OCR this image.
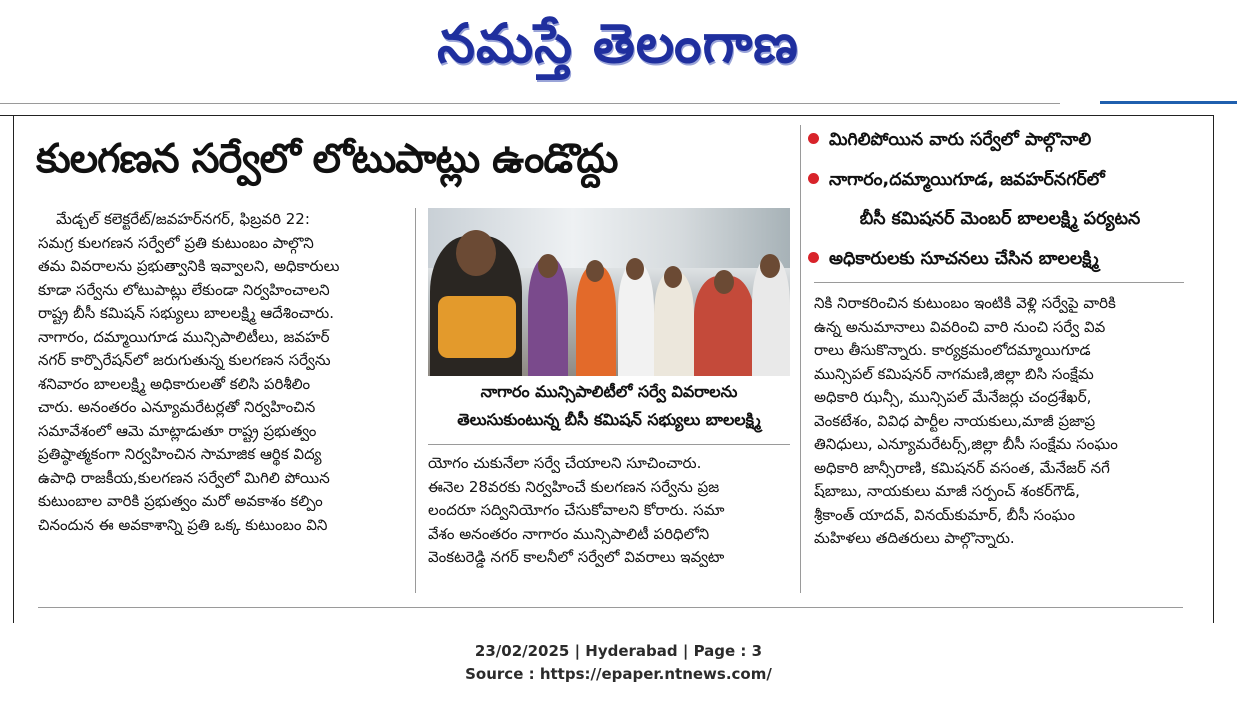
నమస్తే తెలంగాణ
కులగణన సర్వేలో లోటుపాట్లు ఉండొద్దు	మిగిలిపోయిన వారు సర్వేలో పాల్గొనాలి
నాగారం,దమ్మాయిగూడ, జవహర్‌నగర్‌లో
బీసీ కమిషనర్ మెంబర్ బాలలక్ష్మి పర్యటన
అధికారులకు సూచనలు చేసిన బాలలక్ష్మి
మేడ్చల్ కలెక్టరేట్/జవహర్‌నగర్, ఫిబ్రవరి 22:
సమగ్ర కులగణన సర్వేలో ప్రతి కుటుంబం పాల్గొని
తమ వివరాలను ప్రభుత్వానికి ఇవ్వాలని, అధికారులు
కూడా సర్వేను లోటుపాట్లు లేకుండా నిర్వహించాలని
రాష్ట్ర బీసీ కమిషన్ సభ్యులు బాలలక్ష్మి ఆదేశించారు.
నాగారం, దమ్మాయిగూడ మున్సిపాలిటీలు, జవహర్
నగర్ కార్పొరేషన్‌లో జరుగుతున్న కులగణన సర్వేను
శనివారం బాలలక్ష్మి అధికారులతో కలిసి పరిశీలిం
చారు. అనంతరం ఎన్యూమరేటర్లతో నిర్వహించిన
సమావేశంలో ఆమె మాట్లాడుతూ రాష్ట్ర ప్రభుత్వం
ప్రతిష్ఠాత్మకంగా నిర్వహించిన సామాజిక ఆర్థిక విద్య
ఉపాధి రాజకీయ,కులగణన సర్వేలో మిగిలి పోయిన
కుటుంబాల వారికి ప్రభుత్వం మరో అవకాశం కల్పిం
చినందున ఈ అవకాశాన్ని ప్రతి ఒక్క కుటుంబం విని
నాగారం మున్సిపాలిటీలో సర్వే వివరాలను
తెలుసుకుంటున్న బీసీ కమిషన్ సభ్యులు బాలలక్ష్మి
యోగం చుకునేలా సర్వే చేయాలని సూచించారు.
ఈనెల 28వరకు నిర్వహించే కులగణన సర్వేను ప్రజ
లందరూ సద్వినియోగం చేసుకోవాలని కోరారు. సమా
వేశం అనంతరం నాగారం మున్సిపాలిటీ పరిధిలోని
వెంకటరెడ్డి నగర్ కాలనీలో సర్వేలో వివరాలు ఇవ్వటా
నికి నిరాకరించిన కుటుంబం ఇంటికి వెళ్లి సర్వేపై వారికి
ఉన్న అనుమానాలు వివరించి వారి నుంచి సర్వే వివ
రాలు తీసుకొన్నారు. కార్యక్రమంలోదమ్మాయిగూడ
మున్సిపల్ కమిషనర్ నాగమణి,జిల్లా బిసి సంక్షేమ
అధికారి ఝన్సీ, మున్సిపల్ మేనేజర్లు చంద్రశేఖర్,
వెంకటేశం, వివిధ పార్టీల నాయకులు,మాజీ ప్రజాప్ర
తినిధులు, ఎన్యూమరేటర్స్,జిల్లా బీసీ సంక్షేమ సంఘం
అధికారి జాన్సీరాణి, కమిషనర్ వసంత, మేనేజర్ నగే
ష్‌బాబు, నాయకులు మాజీ సర్పంచ్ శంకర్‌గౌడ్,
శ్రీకాంత్ యాదవ్, వినయ్‌కుమార్, బీసీ సంఘం
మహిళలు తదితరులు పాల్గొన్నారు.
23/02/2025 | Hyderabad | Page : 3
Source : https://epaper.ntnews.com/
